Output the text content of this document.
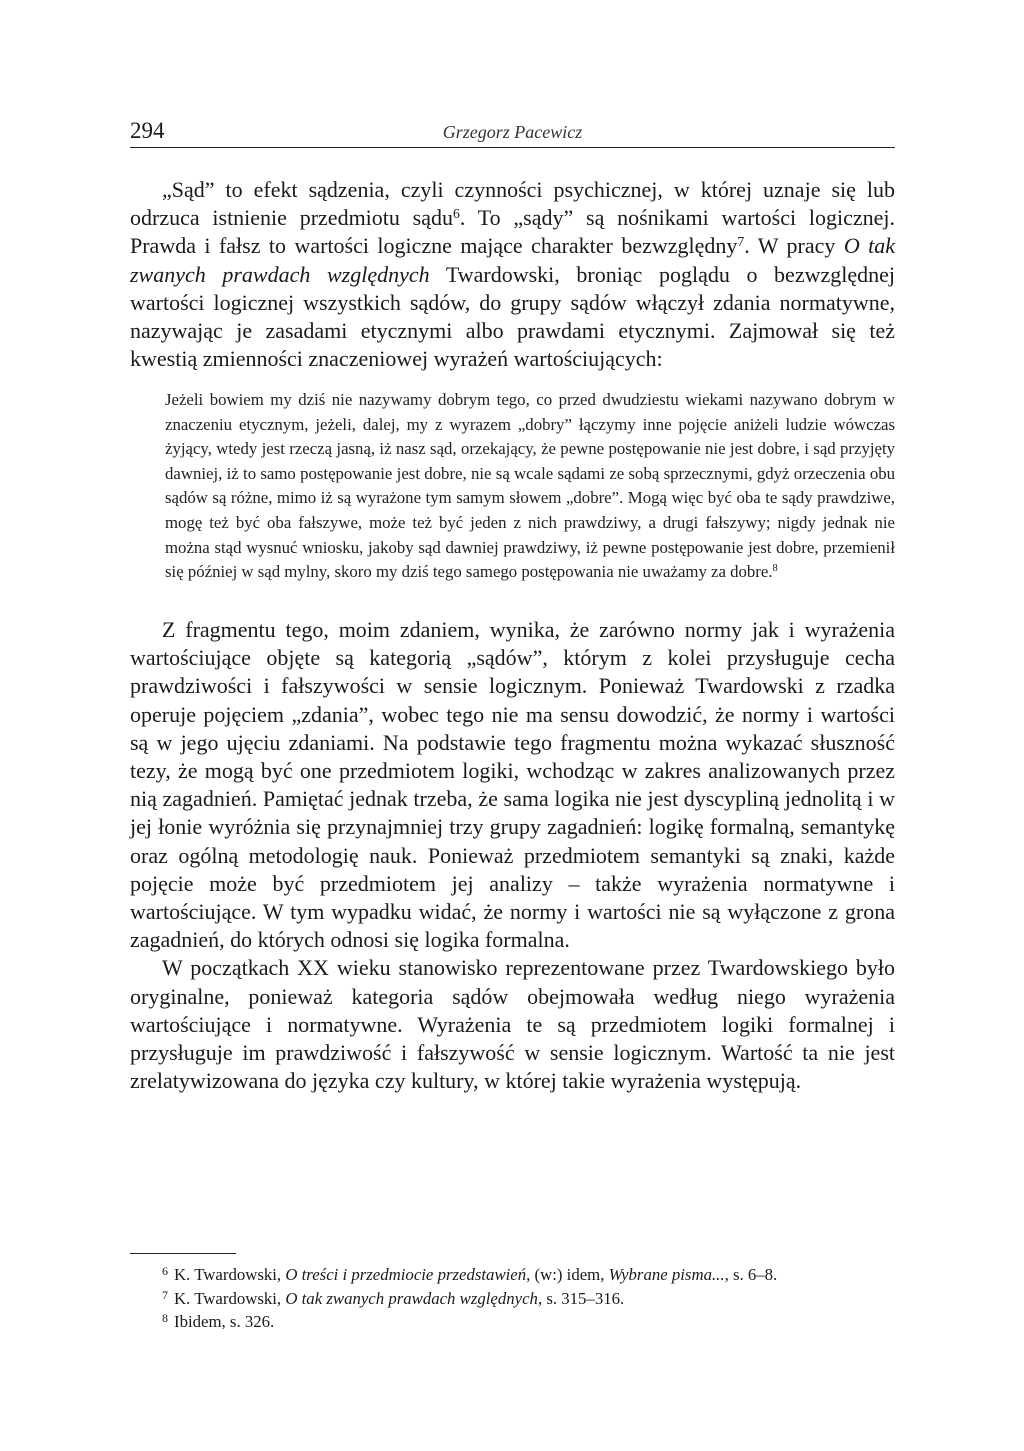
294	Grzegorz Pacewicz

„Sąd” to efekt sądzenia, czyli czynności psychicznej, w której uznaje się lub odrzuca istnienie przedmiotu sądu$^6$. To „sądy” są nośnikami wartości logicznej. Prawda i fałsz to wartości logiczne mające charakter bezwzględny$^7$. W pracy O tak zwanych prawdach względnych Twardowski, broniąc poglądu o bezwzględnej wartości logicznej wszystkich sądów, do grupy sądów włączył zdania normatywne, nazywając je zasadami etycznymi albo prawdami etycznymi. Zajmował się też kwestią zmienności znaczeniowej wyrażeń wartościujących:

Jeżeli bowiem my dziś nie nazywamy dobrym tego, co przed dwudziestu wiekami nazywano dobrym w znaczeniu etycznym, jeżeli, dalej, my z wyrazem „dobry” łączymy inne pojęcie aniżeli ludzie wówczas żyjący, wtedy jest rzeczą jasną, iż nasz sąd, orzekający, że pewne postępowanie nie jest dobre, i sąd przyjęty dawniej, iż to samo postępowanie jest dobre, nie są wcale sądami ze sobą sprzecznymi, gdyż orzeczenia obu sądów są różne, mimo iż są wyrażone tym samym słowem „dobre”. Mogą więc być oba te sądy prawdziwe, mogę też być oba fałszywe, może też być jeden z nich prawdziwy, a drugi fałszywy; nigdy jednak nie można stąd wysnuć wniosku, jakoby sąd dawniej prawdziwy, iż pewne postępowanie jest dobre, przemienił się później w sąd mylny, skoro my dziś tego samego postępowania nie uważamy za dobre.$^8$

Z fragmentu tego, moim zdaniem, wynika, że zarówno normy jak i wyrażenia wartościujące objęte są kategorią „sądów”, którym z kolei przysługuje cecha prawdziwości i fałszywości w sensie logicznym. Ponieważ Twardowski z rzadka operuje pojęciem „zdania”, wobec tego nie ma sensu dowodzić, że normy i wartości są w jego ujęciu zdaniami. Na podstawie tego fragmentu można wykazać słuszność tezy, że mogą być one przedmiotem logiki, wchodząc w zakres analizowanych przez nią zagadnień. Pamiętać jednak trzeba, że sama logika nie jest dyscypliną jednolitą i w jej łonie wyróżnia się przynajmniej trzy grupy zagadnień: logikę formalną, semantykę oraz ogólną metodologię nauk. Ponieważ przedmiotem semantyki są znaki, każde pojęcie może być przedmiotem jej analizy – także wyrażenia normatywne i wartościujące. W tym wypadku widać, że normy i wartości nie są wyłączone z grona zagadnień, do których odnosi się logika formalna.

W początkach XX wieku stanowisko reprezentowane przez Twardowskiego było oryginalne, ponieważ kategoria sądów obejmowała według niego wyrażenia wartościujące i normatywne. Wyrażenia te są przedmiotem logiki formalnej i przysługuje im prawdziwość i fałszywość w sensie logicznym. Wartość ta nie jest zrelatywizowana do języka czy kultury, w której takie wyrażenia występują.

$^6$ K. Twardowski, O treści i przedmiocie przedstawień, (w:) idem, Wybrane pisma..., s. 6–8.
$^7$ K. Twardowski, O tak zwanych prawdach względnych, s. 315–316.
$^8$ Ibidem, s. 326.
